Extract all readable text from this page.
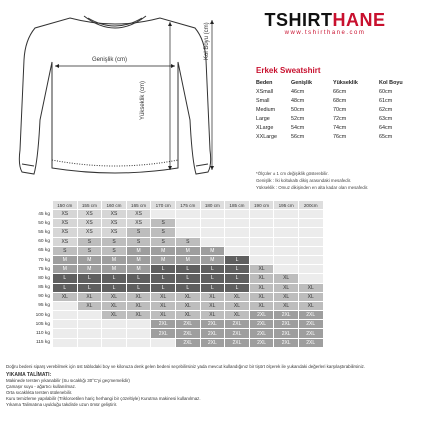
Genişlik (cm)
Yükseklik (cm)
Kol Boyu (cm)
TSHIRTHANE
www.tshirthane.com
Erkek Sweatshirt
Beden	Genişlik	Yükseklik	Kol Boyu
XSmall	46cm	66cm	60cm
Small	48cm	68cm	61cm
Medium	50cm	70cm	62cm
Large	52cm	72cm	63cm
XLarge	54cm	74cm	64cm
XXLarge	56cm	76cm	65cm
*Ölçüler ± 1 cm değişiklik gösterebilir.
Genişlik : İki koltukaltı dikiş arasındaki mesafedir.
Yükseklik : Omuz dikişinden en alta kadar olan mesafedir.
	150 cm	155 cm	160 cm	165 cm	170 cm	175 cm	180 cm	185 cm	190 cm	195 cm	200cm
45 kg	XS	XS	XS	XS							
50 kg	XS	XS	XS	XS	S						
55 kg	XS	XS	XS	S	S						
60 kg	XS	S	S	S	S	S					
65 kg	S	S	S	M	M	M	M				
70 kg	M	M	M	M	M	M	M	L			
75 kg	M	M	M	M	L	L	L	L	XL		
80 kg	L	L	L	L	L	L	L	L	XL	XL	
85 kg	L	L	L	L	L	L	L	L	XL	XL	XL
90 kg	XL	XL	XL	XL	XL	XL	XL	XL	XL	XL	XL
95 kg		XL	XL	XL	XL	XL	XL	XL	XL	XL	XL
100 kg			XL	XL	XL	XL	XL	XL	2XL	2XL	2XL
105 kg					2XL	2XL	2XL	2XL	2XL	2XL	2XL
110 kg					2XL	2XL	2XL	2XL	2XL	2XL	2XL
115 kg						2XL	2XL	2XL	2XL	2XL	2XL
Doğru bedeni siparş verebilmek için üst tablodaki boy ve kilonuza denk gelen bedeni seçebilirsiniz yada mevcut kullandığınız bir tişört ölçerek ile yukarıdaki değerleri karşılaştırabilirsiniz.
YIKAMA TALİMATI:
Makinede tersten yıkanabilir (Su sıcaklığı 30°C'yi geçmemelidir)
Çamaşır suyu - ağartıcı kullanılmaz.
Orta sıcaklıkta tersten ütülenebilir.
Kuru temizleme yapılabilir (Trikloroetilen hariç herhangi bir çözeltiyle) Kurutma makinesi kullanılmaz.
Yıkama Talimatına uyulduğu takdirde uzun ömür geliştirir.
